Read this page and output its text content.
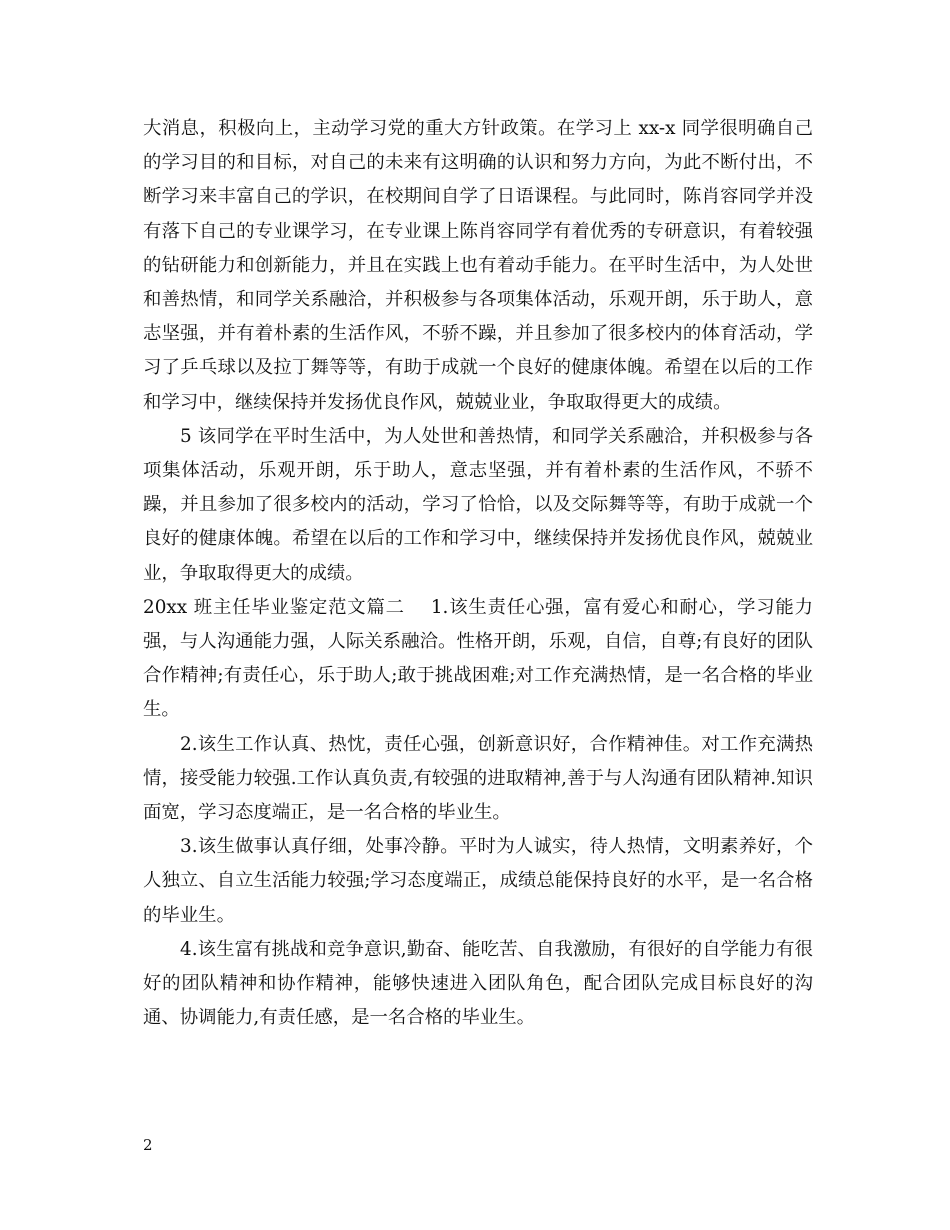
大消息，积极向上，主动学习党的重大方针政策。在学习上 xx-x 同学很明确自己的学习目的和目标，对自己的未来有这明确的认识和努力方向，为此不断付出，不断学习来丰富自己的学识，在校期间自学了日语课程。与此同时，陈肖容同学并没有落下自己的专业课学习，在专业课上陈肖容同学有着优秀的专研意识，有着较强的钻研能力和创新能力，并且在实践上也有着动手能力。在平时生活中，为人处世和善热情，和同学关系融洽，并积极参与各项集体活动，乐观开朗，乐于助人，意志坚强，并有着朴素的生活作风，不骄不躁，并且参加了很多校内的体育活动，学习了乒乓球以及拉丁舞等等，有助于成就一个良好的健康体魄。希望在以后的工作和学习中，继续保持并发扬优良作风，兢兢业业，争取取得更大的成绩。

5 该同学在平时生活中，为人处世和善热情，和同学关系融洽，并积极参与各项集体活动，乐观开朗，乐于助人，意志坚强，并有着朴素的生活作风，不骄不躁，并且参加了很多校内的活动，学习了恰恰，以及交际舞等等，有助于成就一个良好的健康体魄。希望在以后的工作和学习中，继续保持并发扬优良作风，兢兢业业，争取取得更大的成绩。

20xx 班主任毕业鉴定范文篇二 1.该生责任心强，富有爱心和耐心，学习能力强，与人沟通能力强，人际关系融洽。性格开朗，乐观，自信，自尊;有良好的团队合作精神;有责任心，乐于助人;敢于挑战困难;对工作充满热情，是一名合格的毕业生。

2.该生工作认真、热忱，责任心强，创新意识好，合作精神佳。对工作充满热情，接受能力较强.工作认真负责,有较强的进取精神,善于与人沟通有团队精神.知识面宽，学习态度端正，是一名合格的毕业生。

3.该生做事认真仔细，处事冷静。平时为人诚实，待人热情，文明素养好，个人独立、自立生活能力较强;学习态度端正，成绩总能保持良好的水平，是一名合格的毕业生。

4.该生富有挑战和竞争意识,勤奋、能吃苦、自我激励，有很好的自学能力有很好的团队精神和协作精神，能够快速进入团队角色，配合团队完成目标良好的沟通、协调能力,有责任感，是一名合格的毕业生。

2
